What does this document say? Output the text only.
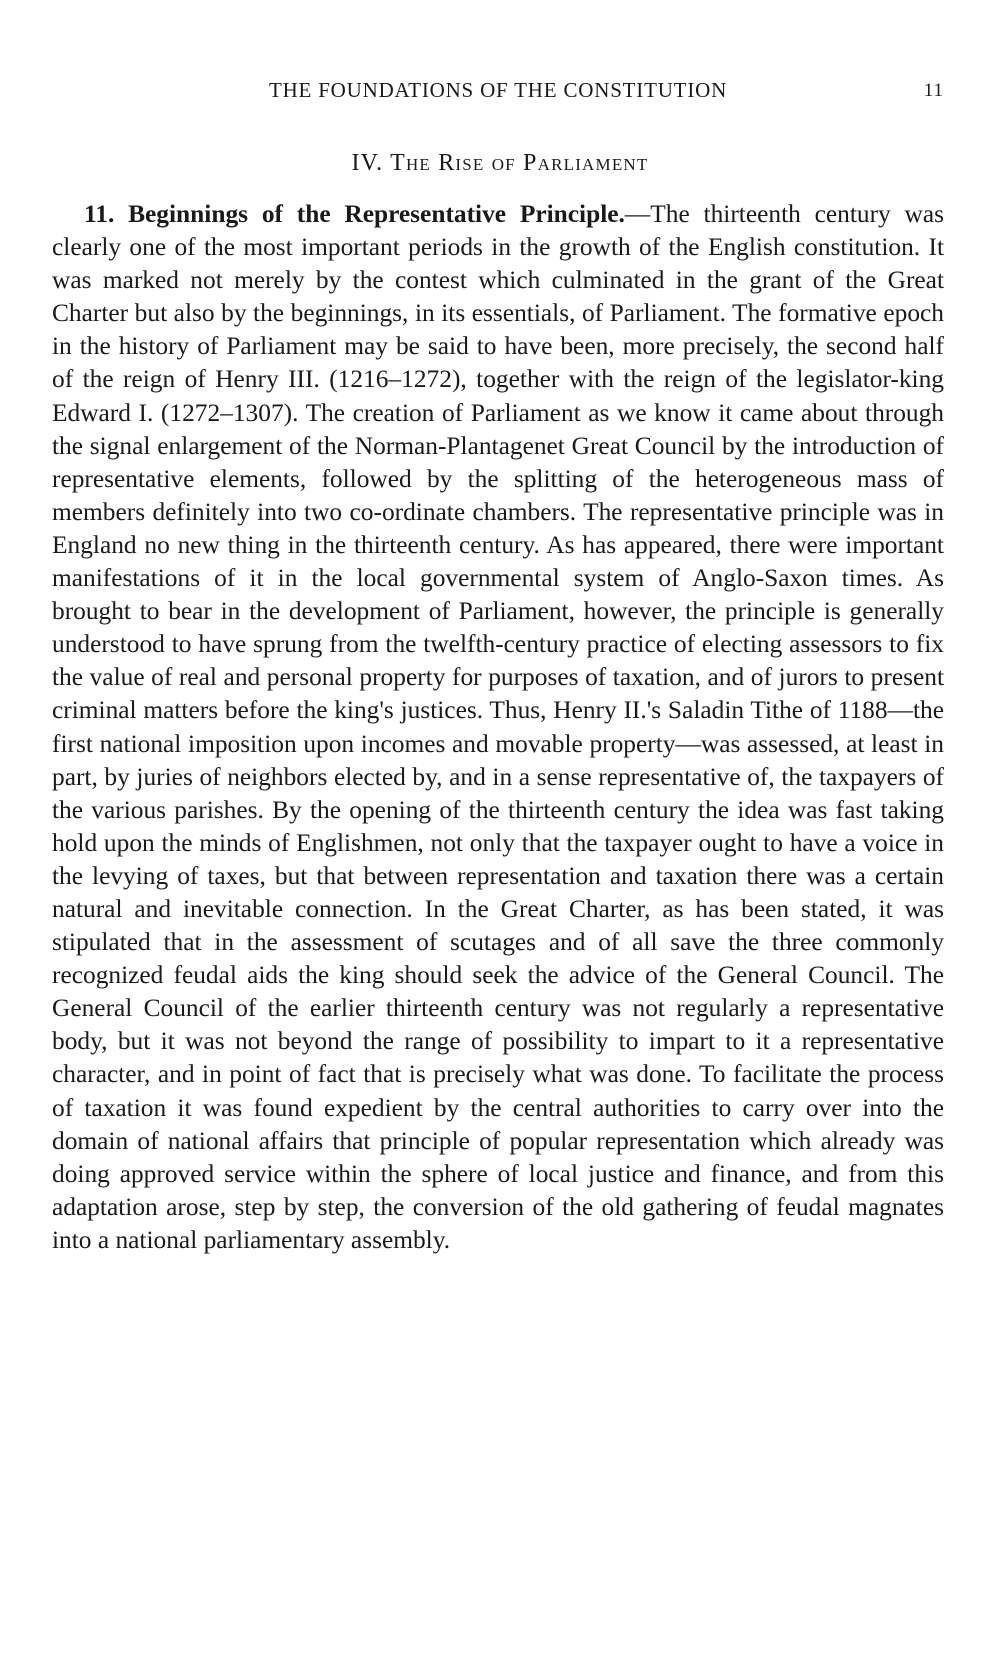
THE FOUNDATIONS OF THE CONSTITUTION	11
IV. The Rise of Parliament

11. Beginnings of the Representative Principle.—The thirteenth century was clearly one of the most important periods in the growth of the English constitution. It was marked not merely by the contest which culminated in the grant of the Great Charter but also by the beginnings, in its essentials, of Parliament. The formative epoch in the history of Parliament may be said to have been, more precisely, the second half of the reign of Henry III. (1216–1272), together with the reign of the legislator-king Edward I. (1272–1307). The creation of Parliament as we know it came about through the signal enlargement of the Norman-Plantagenet Great Council by the introduction of representative elements, followed by the splitting of the heterogeneous mass of members definitely into two co-ordinate chambers. The representative principle was in England no new thing in the thirteenth century. As has appeared, there were important manifestations of it in the local governmental system of Anglo-Saxon times. As brought to bear in the development of Parliament, however, the principle is generally understood to have sprung from the twelfth-century practice of electing assessors to fix the value of real and personal property for purposes of taxation, and of jurors to present criminal matters before the king's justices. Thus, Henry II.'s Saladin Tithe of 1188—the first national imposition upon incomes and movable property—was assessed, at least in part, by juries of neighbors elected by, and in a sense representative of, the taxpayers of the various parishes. By the opening of the thirteenth century the idea was fast taking hold upon the minds of Englishmen, not only that the taxpayer ought to have a voice in the levying of taxes, but that between representation and taxation there was a certain natural and inevitable connection. In the Great Charter, as has been stated, it was stipulated that in the assessment of scutages and of all save the three commonly recognized feudal aids the king should seek the advice of the General Council. The General Council of the earlier thirteenth century was not regularly a representative body, but it was not beyond the range of possibility to impart to it a representative character, and in point of fact that is precisely what was done. To facilitate the process of taxation it was found expedient by the central authorities to carry over into the domain of national affairs that principle of popular representation which already was doing approved service within the sphere of local justice and finance, and from this adaptation arose, step by step, the conversion of the old gathering of feudal magnates into a national parliamentary assembly.
